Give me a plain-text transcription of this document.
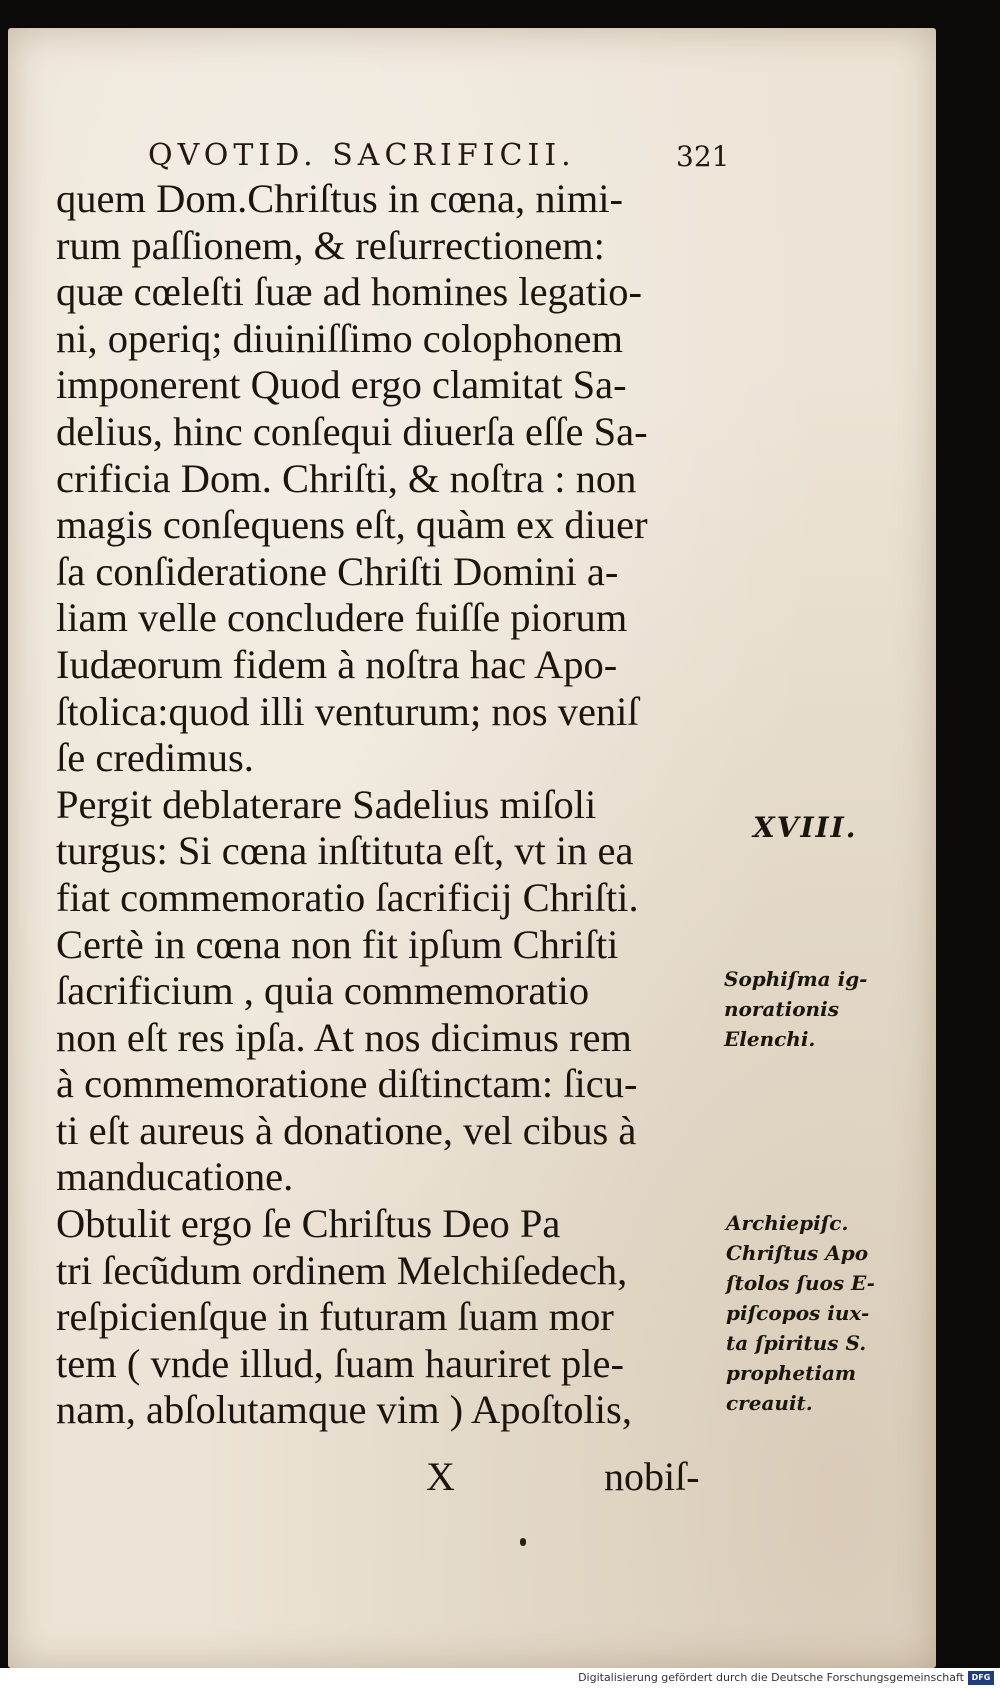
QVOTID. SACRIFICII.	321
quem Dom.Chriſtus in cœna, nimi-
rum paſſionem, & reſurrectionem:
quæ cœleſti ſuæ ad homines legatio-
ni, operiq; diuiniſſimo colophonem
imponerent Quod ergo clamitat Sa-
delius, hinc conſequi diuerſa eſſe Sa-
crificia Dom. Chriſti, & noſtra : non
magis conſequens eſt, quàm ex diuer
ſa conſideratione Chriſti Domini a-
liam velle concludere fuiſſe piorum
Iudæorum fidem à noſtra hac Apo-
ſtolica:quod illi venturum; nos veniſ
ſe credimus.
Pergit deblaterare Sadelius miſoli
turgus: Si cœna inſtituta eſt, vt in ea
fiat commemoratio ſacrificij Chriſti.
Certè in cœna non fit ipſum Chriſti
ſacrificium , quia commemoratio
non eſt res ipſa. At nos dicimus rem
à commemoratione diſtinctam: ſicu-
ti eſt aureus à donatione, vel cibus à
manducatione.
Obtulit ergo ſe Chriſtus Deo Pa
tri ſecũdum ordinem Melchiſedech,
reſpicienſque in futuram ſuam mor
tem ( vnde illud, ſuam hauriret ple-
nam, abſolutamque vim ) Apoſtolis,
XVIII.
Sophiſma ig-
norationis
Elenchi.
Archiepiſc.
Chriſtus Apo
ſtolos ſuos E-
piſcopos iux-
ta ſpiritus S.
prophetiam
creauit.
X	nobiſ-
Digitalisierung gefördert durch die Deutsche Forschungsgemeinschaft DFG
